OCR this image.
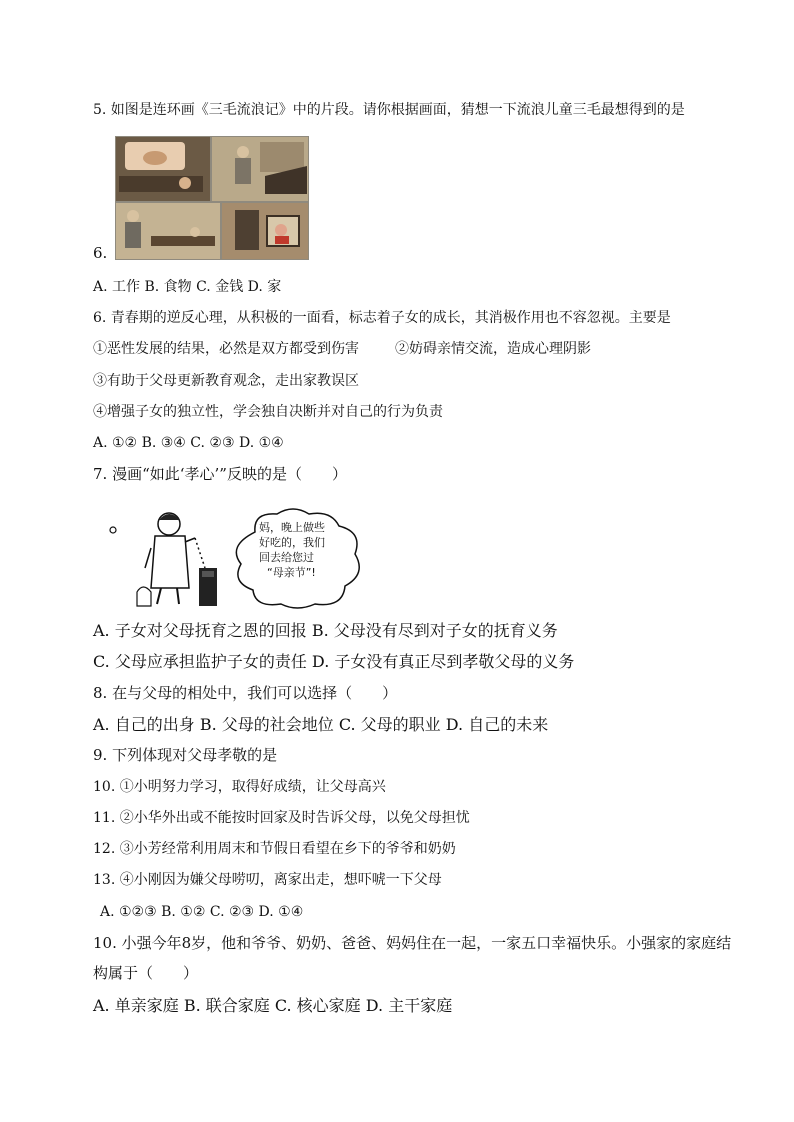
5. 如图是连环画《三毛流浪记》中的片段。请你根据画面，猜想一下流浪儿童三毛最想得到的是
6.
A. 工作 B. 食物 C. 金钱 D. 家
6. 青春期的逆反心理，从积极的一面看，标志着子女的成长，其消极作用也不容忽视。主要是
①恶性发展的结果，必然是双方都受到伤害	②妨碍亲情交流，造成心理阴影
③有助于父母更新教育观念，走出家教误区
④增强子女的独立性，学会独自决断并对自己的行为负责
A. ①② B. ③④ C. ②③ D. ①④
7. 漫画“如此‘孝心’”反映的是（　　）
妈，晚上做些
好吃的，我们
回去给您过
“母亲节”!
A. 子女对父母抚育之恩的回报 B. 父母没有尽到对子女的抚育义务
C. 父母应承担监护子女的责任 D. 子女没有真正尽到孝敬父母的义务
8. 在与父母的相处中，我们可以选择（　　）
A. 自己的出身 B. 父母的社会地位 C. 父母的职业 D. 自己的未来
9. 下列体现对父母孝敬的是
10. ①小明努力学习，取得好成绩，让父母高兴
11. ②小华外出或不能按时回家及时告诉父母，以免父母担忧
12. ③小芳经常利用周末和节假日看望在乡下的爷爷和奶奶
13. ④小刚因为嫌父母唠叨，离家出走，想吓唬一下父母
A. ①②③ B. ①② C. ②③ D. ①④
10. 小强今年8岁，他和爷爷、奶奶、爸爸、妈妈住在一起，一家五口幸福快乐。小强家的家庭结
构属于（　　）
A. 单亲家庭 B. 联合家庭 C. 核心家庭 D. 主干家庭
